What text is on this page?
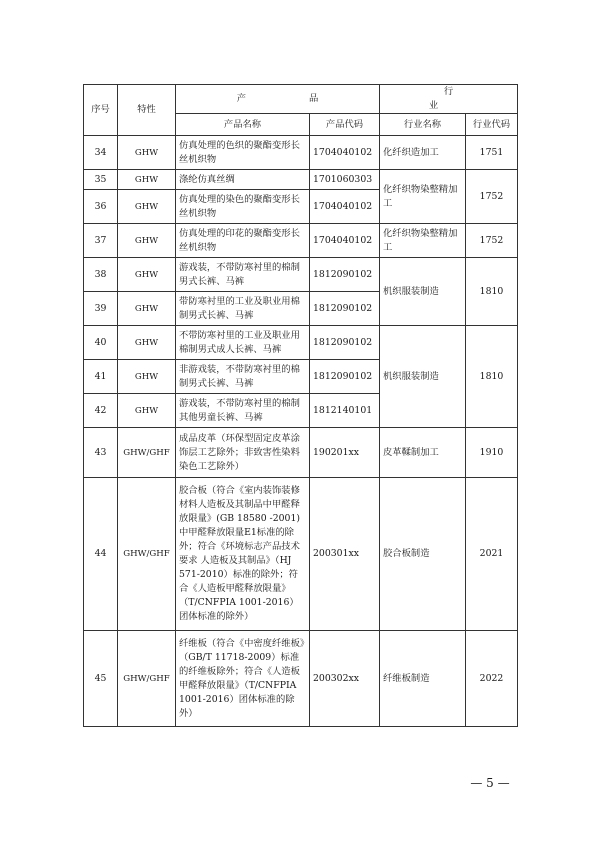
序号	特性	产 品		行 业	
		产品名称	产品代码	行业名称	行业代码
34	GHW	仿真处理的色织的聚酯变形长丝机织物	1704040102	化纤织造加工	1751
35	GHW	涤纶仿真丝绸	1701060303	化纤织物染整精加工	1752
36	GHW	仿真处理的染色的聚酯变形长丝机织物	1704040102		
37	GHW	仿真处理的印花的聚酯变形长丝机织物	1704040102	化纤织物染整精加工	1752
38	GHW	游戏装，不带防寒衬里的棉制男式长裤、马裤	1812090102	机织服装制造	1810
39	GHW	带防寒衬里的工业及职业用棉制男式长裤、马裤	1812090102		
40	GHW	不带防寒衬里的工业及职业用棉制男式成人长裤、马裤	1812090102	机织服装制造	1810
41	GHW	非游戏装，不带防寒衬里的棉制男式长裤、马裤	1812090102		
42	GHW	游戏装，不带防寒衬里的棉制其他男童长裤、马裤	1812140101		
43	GHW/GHF	成品皮革（环保型固定皮革涂饰层工艺除外；非致害性染料染色工艺除外）	190201xx	皮革鞣制加工	1910
44	GHW/GHF	胶合板（符合《室内装饰装修材料人造板及其制品中甲醛释放限量》(GB 18580 -2001)中甲醛释放限量E1标准的除外；符合《环境标志产品技术要求 人造板及其制品》（HJ 571-2010）标准的除外；符合《人造板甲醛释放限量》（T/CNFPIA 1001-2016）团体标准的除外）	200301xx	胶合板制造	2021
45	GHW/GHF	纤维板（符合《中密度纤维板》（GB/T 11718-2009）标准的纤维板除外；符合《人造板甲醛释放限量》（T/CNFPIA 1001-2016）团体标准的除外）	200302xx	纤维板制造	2022
— 5 —
